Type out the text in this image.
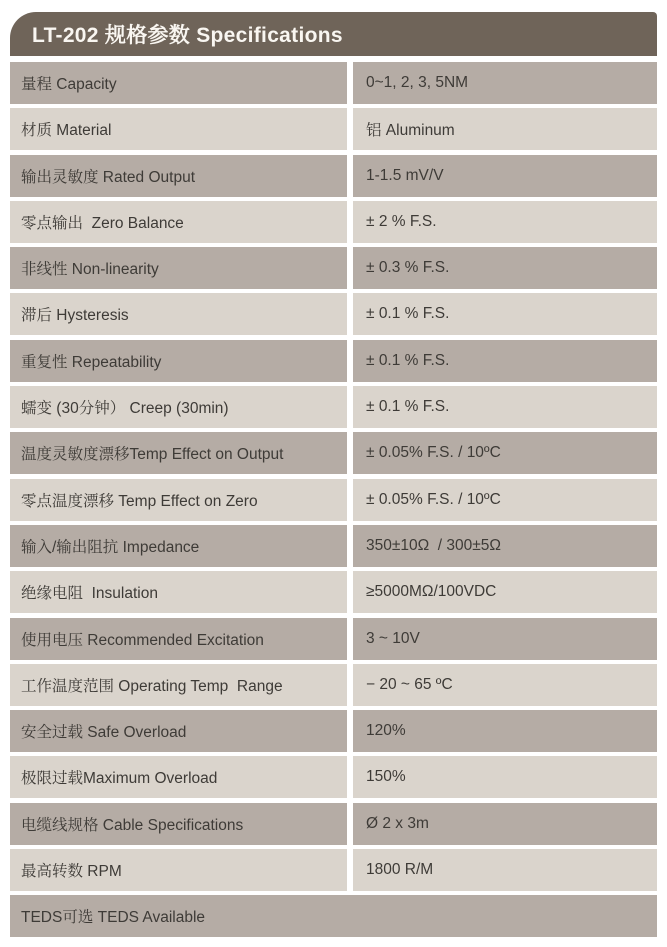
LT-202 规格参数 Specifications
量程 Capacity	0~1, 2, 3, 5NM
材质 Material	铝 Aluminum
输出灵敏度 Rated Output	1-1.5 mV/V
零点输出  Zero Balance	± 2 % F.S.
非线性 Non-linearity	± 0.3 % F.S.
滞后 Hysteresis	± 0.1 % F.S.
重复性 Repeatability	± 0.1 % F.S.
蠕变 (30分钟） Creep (30min)	± 0.1 % F.S.
温度灵敏度漂移Temp Effect on Output	± 0.05% F.S. / 10ºC
零点温度漂移 Temp Effect on Zero	± 0.05% F.S. / 10ºC
输入/输出阻抗 Impedance	350±10Ω  / 300±5Ω
绝缘电阻  Insulation	≥5000MΩ/100VDC
使用电压 Recommended Excitation	3 ~ 10V
工作温度范围 Operating Temp  Range	− 20 ~ 65 ºC
安全过载 Safe Overload	120%
极限过载Maximum Overload	150%
电缆线规格 Cable Specifications	Ø 2 x 3m
最高转数 RPM	1800 R/M
TEDS可选 TEDS Available
